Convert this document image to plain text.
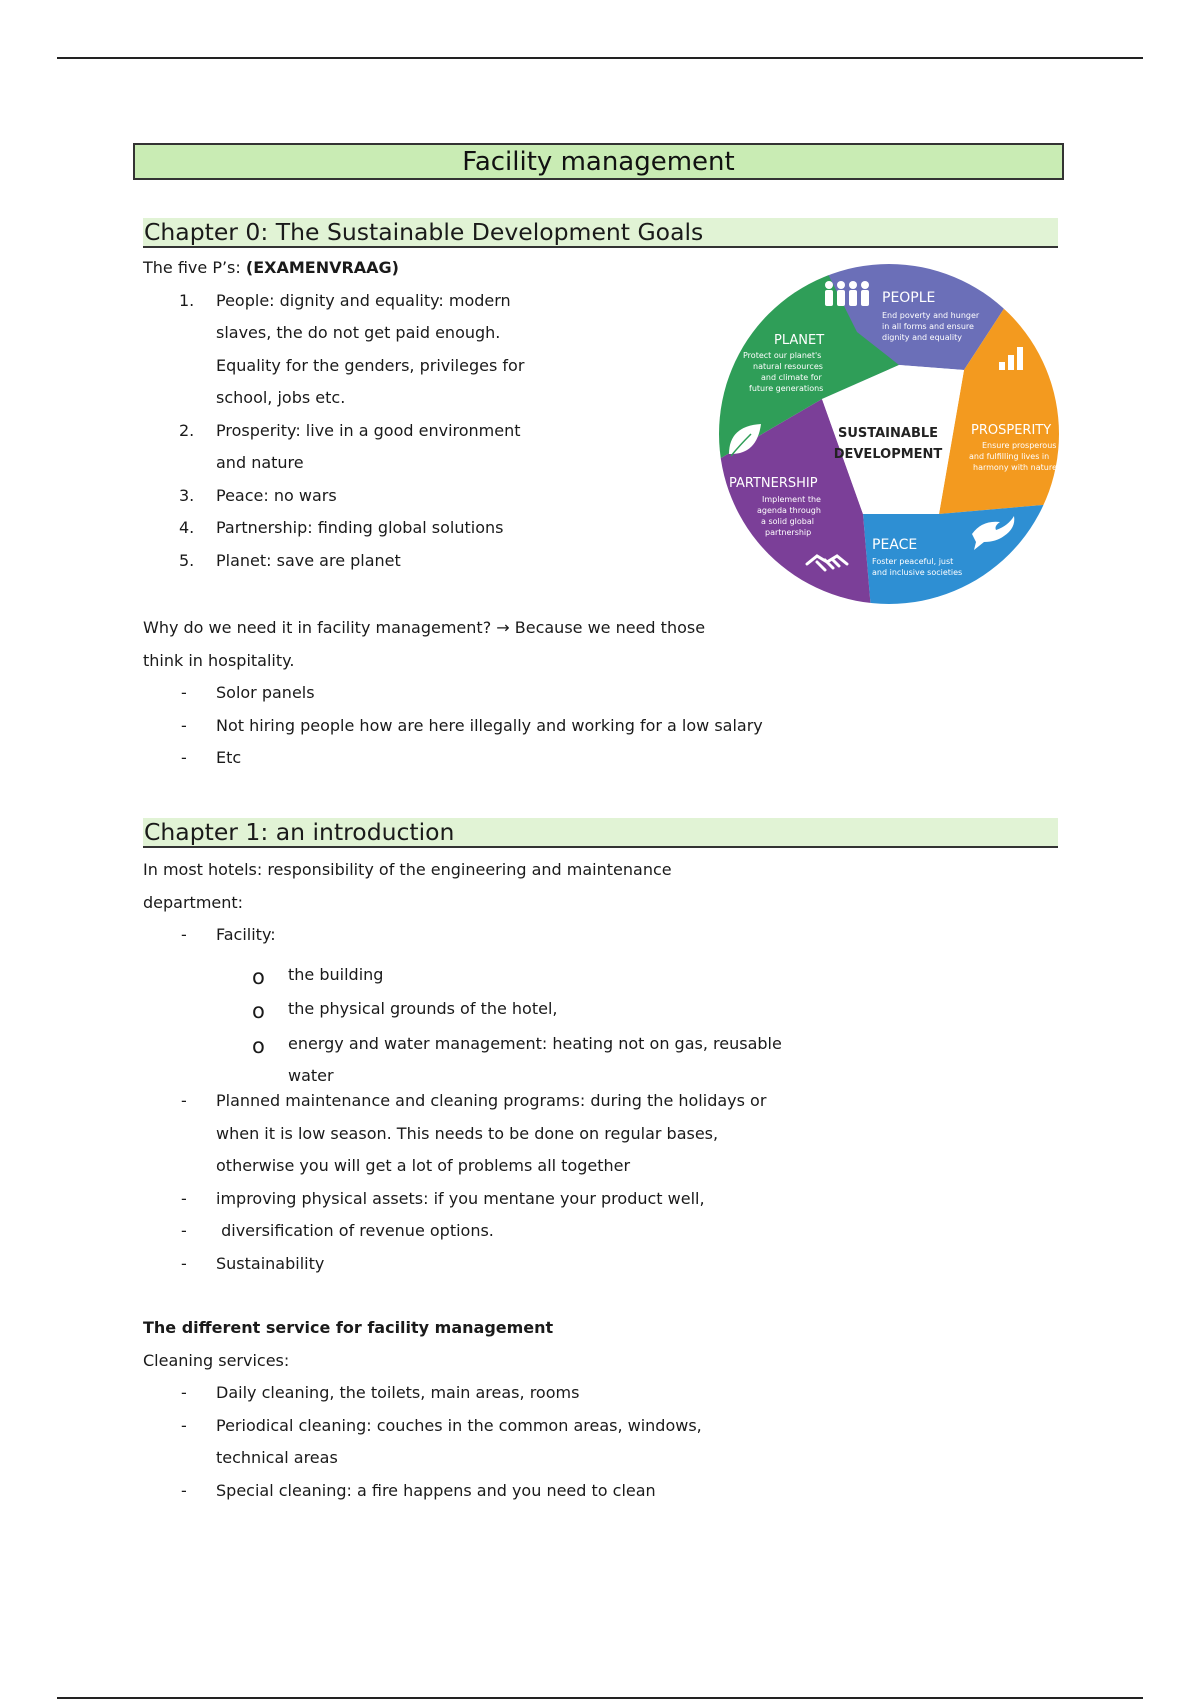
Facility management
Chapter 0: The Sustainable Development Goals
The five P’s: (EXAMENVRAAG)
1. People: dignity and equality: modern
slaves, the do not get paid enough.
Equality for the genders, privileges for
school, jobs etc.
2. Prosperity: live in a good environment
and nature
3. Peace: no wars
4. Partnership: finding global solutions
5. Planet: save are planet
SUSTAINABLE
DEVELOPMENT
PEOPLE
End poverty and hunger
in all forms and ensure
dignity and equality
PROSPERITY
Ensure prosperous
and fulfilling lives in
harmony with nature
PEACE
Foster peaceful, just
and inclusive societies
PARTNERSHIP
Implement the
agenda through
a solid global
partnership
PLANET
Protect our planet's
natural resources
and climate for
future generations
Why do we need it in facility management? → Because we need those
think in hospitality.
- Solor panels
- Not hiring people how are here illegally and working for a low salary
- Etc
Chapter 1: an introduction
In most hotels: responsibility of the engineering and maintenance
department:
- Facility:
o the building
o the physical grounds of the hotel,
o energy and water management: heating not on gas, reusable
water
- Planned maintenance and cleaning programs: during the holidays or
when it is low season. This needs to be done on regular bases,
otherwise you will get a lot of problems all together
- improving physical assets: if you mentane your product well,
- diversification of revenue options.
- Sustainability
The different service for facility management
Cleaning services:
- Daily cleaning, the toilets, main areas, rooms
- Periodical cleaning: couches in the common areas, windows,
technical areas
- Special cleaning: a fire happens and you need to clean
